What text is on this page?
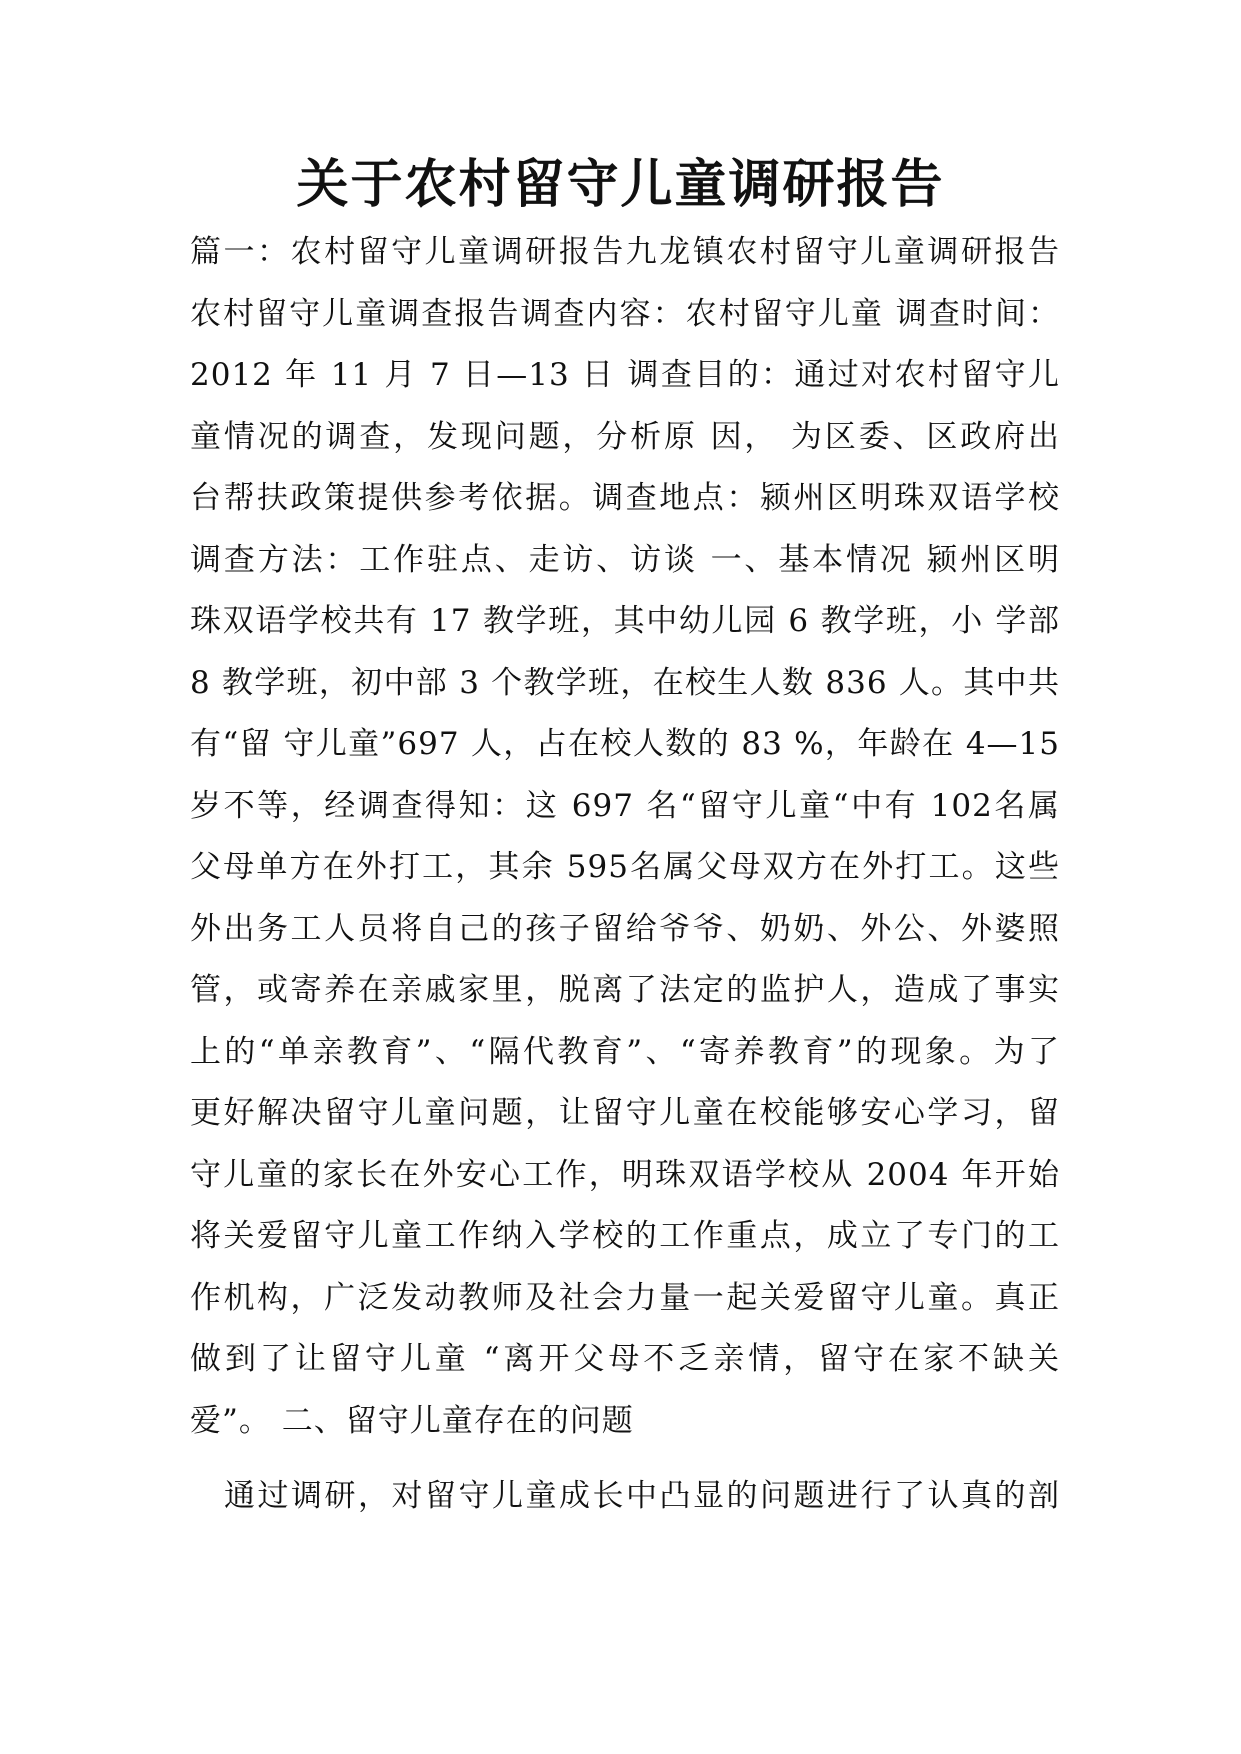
关于农村留守儿童调研报告
篇一：农村留守儿童调研报告九龙镇农村留守儿童调研报告
农村留守儿童调查报告调查内容：农村留守儿童 调查时间：
2012 年 11 月 7 日—13 日 调查目的：通过对农村留守儿
童情况的调查，发现问题，分析原 因， 为区委、区政府出
台帮扶政策提供参考依据。调查地点：颍州区明珠双语学校
调查方法：工作驻点、走访、访谈 一、基本情况 颍州区明
珠双语学校共有 17 教学班，其中幼儿园 6 教学班，小 学部
8 教学班，初中部 3 个教学班，在校生人数 836 人。其中共
有“留 守儿童”697 人，占在校人数的 83 %，年龄在 4—15
岁不等，经调查得知：这 697 名“留守儿童“中有 102名属
父母单方在外打工，其余 595名属父母双方在外打工。这些
外出务工人员将自己的孩子留给爷爷、奶奶、外公、外婆照
管，或寄养在亲戚家里，脱离了法定的监护人，造成了事实
上的“单亲教育”、“隔代教育”、“寄养教育”的现象。为了
更好解决留守儿童问题，让留守儿童在校能够安心学习，留
守儿童的家长在外安心工作，明珠双语学校从 2004 年开始
将关爱留守儿童工作纳入学校的工作重点，成立了专门的工
作机构，广泛发动教师及社会力量一起关爱留守儿童。真正
做到了让留守儿童 “离开父母不乏亲情，留守在家不缺关
爱”。 二、留守儿童存在的问题
通过调研，对留守儿童成长中凸显的问题进行了认真的剖
